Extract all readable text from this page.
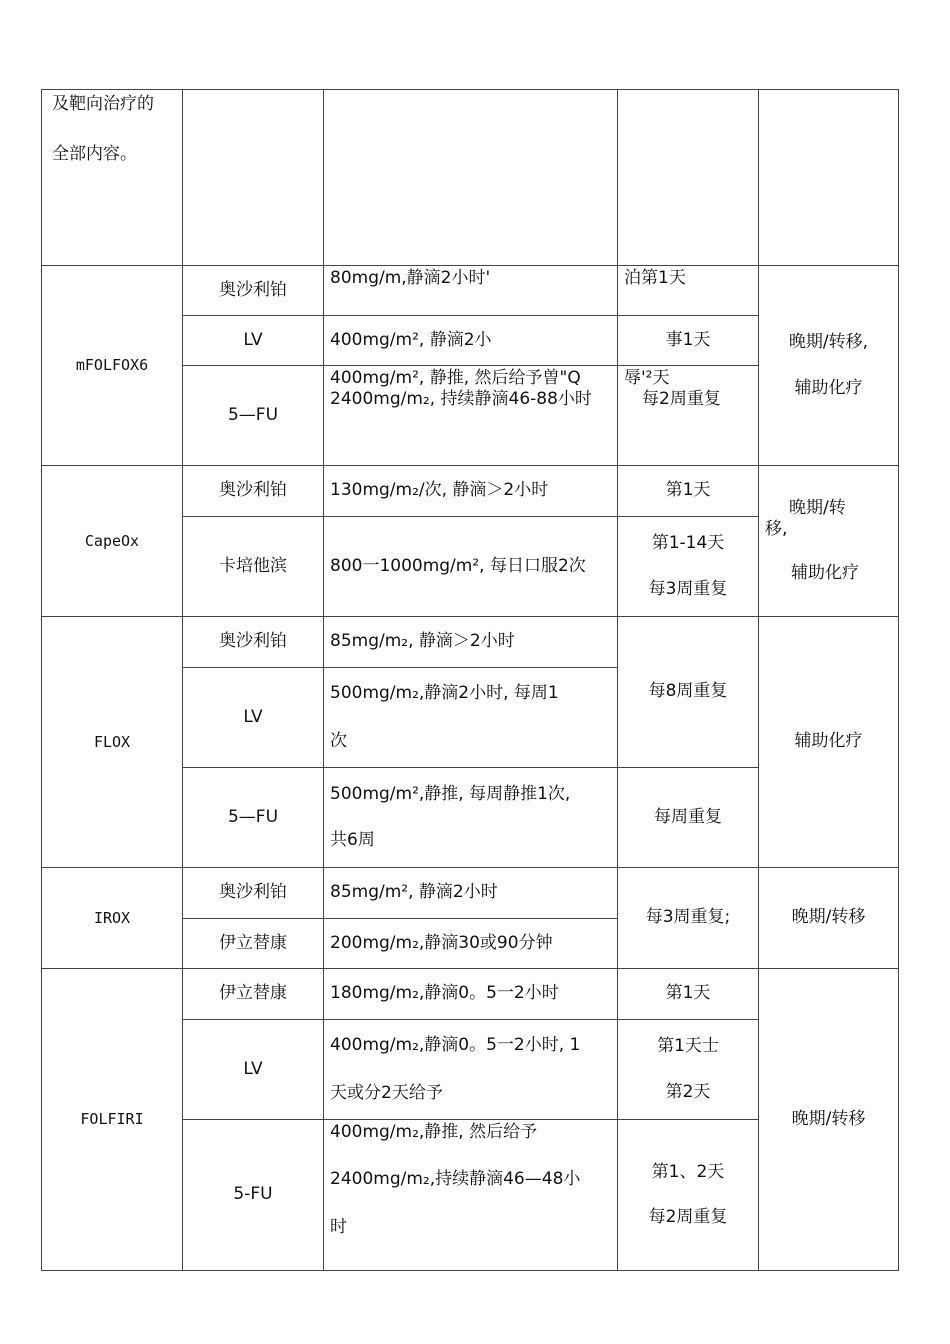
及靶向治疗的
全部内容。				

mFOLFOX6	奥沙利铂	80mg/m,静滴2小时'	泊第1天	晚期/转移,
辅助化疗

	LV	400mg/m², 静滴2小	事1天	
	5—FU	400mg/m², 静推, 然后给予曽"Q
2400mg/m₂, 持续静滴46-88小时	辱'²天
每2周重复	

CapeOx	奥沙利铂	130mg/m₂/次, 静滴＞2小时	第1天	晚期/转
移,
辅助化疗

	卡培他滨	800一1000mg/m², 每日口服2次	第1-14天
每3周重复	

FLOX	奥沙利铂	85mg/m₂, 静滴＞2小时	每8周重复	辅助化疗
	LV	500mg/m₂,静滴2小时, 每周1
次		

	5—FU	500mg/m²,静推, 每周静推1次,
共6周	每周重复	
IROX	奥沙利铂	85mg/m², 静滴2小时	每3周重复;	晚期/转移
	伊立替康	200mg/m₂,静滴30或90分钟		
FOLFIRI	伊立替康	180mg/m₂,静滴0。5一2小时	第1天	晚期/转移
	LV	400mg/m₂,静滴0。5一2小时, 1
天或分2天给予	第1天士
第2天	

	5-FU	400mg/m₂,静推, 然后给予
2400mg/m₂,持续静滴46—48小
时	第1、2天
每2周重复	
